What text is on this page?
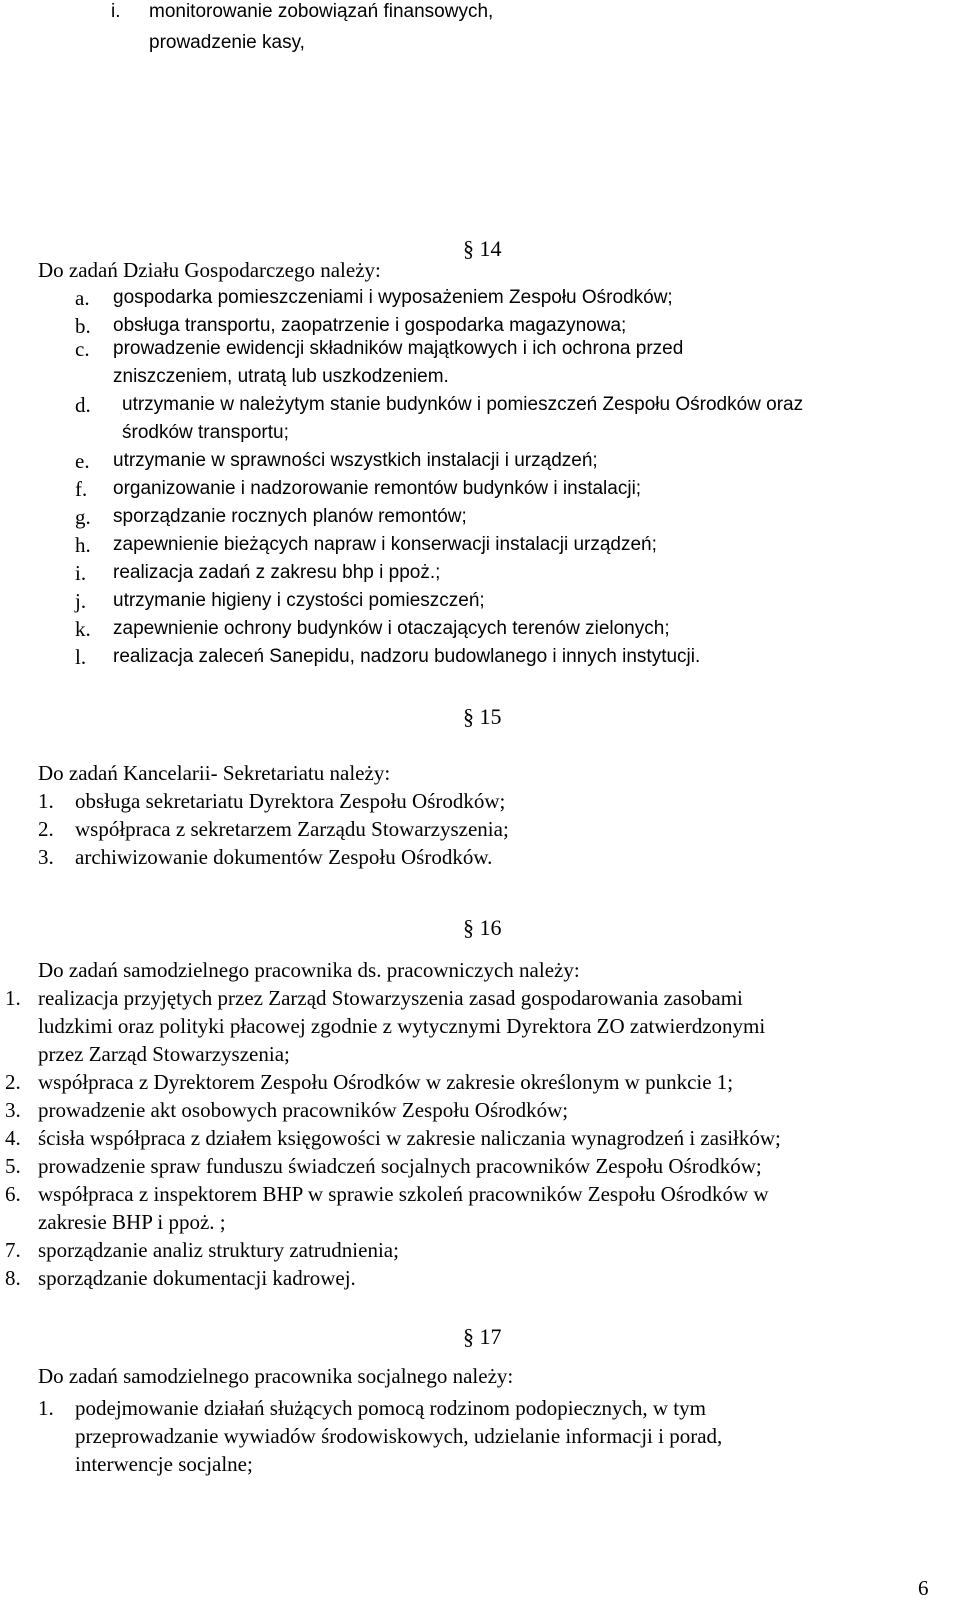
i. monitorowanie zobowiązań finansowych,
prowadzenie kasy,
§ 14
Do zadań Działu Gospodarczego należy:
a. gospodarka pomieszczeniami i wyposażeniem Zespołu Ośrodków;
b. obsługa transportu, zaopatrzenie i gospodarka magazynowa;
c. prowadzenie ewidencji składników majątkowych i ich ochrona przed
zniszczeniem, utratą lub uszkodzeniem.
d. utrzymanie w należytym stanie budynków i pomieszczeń Zespołu Ośrodków oraz
środków transportu;
e. utrzymanie w sprawności wszystkich instalacji i urządzeń;
f. organizowanie i nadzorowanie remontów budynków i instalacji;
g. sporządzanie rocznych planów remontów;
h. zapewnienie bieżących napraw i konserwacji instalacji urządzeń;
i. realizacja zadań z zakresu bhp i ppoż.;
j. utrzymanie higieny i czystości pomieszczeń;
k. zapewnienie ochrony budynków i otaczających terenów zielonych;
l. realizacja zaleceń Sanepidu, nadzoru budowlanego i innych instytucji.
§ 15
Do zadań Kancelarii- Sekretariatu należy:
1. obsługa sekretariatu Dyrektora Zespołu Ośrodków;
2. współpraca z sekretarzem Zarządu Stowarzyszenia;
3. archiwizowanie dokumentów Zespołu Ośrodków.
§ 16
Do zadań samodzielnego pracownika ds. pracowniczych należy:
1. realizacja przyjętych przez Zarząd Stowarzyszenia zasad gospodarowania zasobami
ludzkimi oraz polityki płacowej zgodnie z wytycznymi Dyrektora ZO zatwierdzonymi
przez Zarząd Stowarzyszenia;
2. współpraca z Dyrektorem Zespołu Ośrodków w zakresie określonym w punkcie 1;
3. prowadzenie akt osobowych pracowników Zespołu Ośrodków;
4. ścisła współpraca z działem księgowości w zakresie naliczania wynagrodzeń i zasiłków;
5. prowadzenie spraw funduszu świadczeń socjalnych pracowników Zespołu Ośrodków;
6. współpraca z inspektorem BHP w sprawie szkoleń pracowników Zespołu Ośrodków w
zakresie BHP i ppoż. ;
7. sporządzanie analiz struktury zatrudnienia;
8. sporządzanie dokumentacji kadrowej.
§ 17
Do zadań samodzielnego pracownika socjalnego należy:
1. podejmowanie działań służących pomocą rodzinom podopiecznych, w tym
przeprowadzanie wywiadów środowiskowych, udzielanie informacji i porad,
interwencje socjalne;
6
